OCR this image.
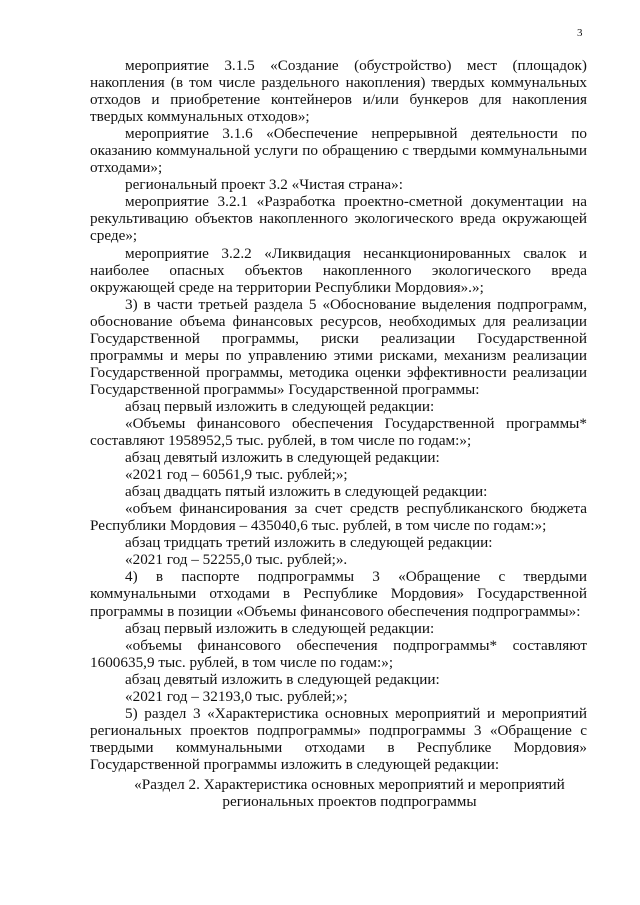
3

мероприятие 3.1.5 «Создание (обустройство) мест (площадок) накопления (в том числе раздельного накопления) твердых коммунальных отходов и приобретение контейнеров и/или бункеров для накопления твердых коммунальных отходов»;

мероприятие 3.1.6 «Обеспечение непрерывной деятельности по оказанию коммунальной услуги по обращению с твердыми коммунальными отходами»;

региональный проект 3.2 «Чистая страна»:

мероприятие 3.2.1 «Разработка проектно-сметной документации на рекультивацию объектов накопленного экологического вреда окружающей среде»;

мероприятие 3.2.2 «Ликвидация несанкционированных свалок и наиболее опасных объектов накопленного экологического вреда окружающей среде на территории Республики Мордовия».»;

3) в части третьей раздела 5 «Обоснование выделения подпрограмм, обоснование объема финансовых ресурсов, необходимых для реализации Государственной программы, риски реализации Государственной программы и меры по управлению этими рисками, механизм реализации Государственной программы, методика оценки эффективности реализации Государственной программы» Государственной программы:

абзац первый изложить в следующей редакции:

«Объемы финансового обеспечения Государственной программы* составляют 1958952,5 тыс. рублей, в том числе по годам:»;

абзац девятый изложить в следующей редакции:

«2021 год – 60561,9 тыс. рублей;»;

абзац двадцать пятый изложить в следующей редакции:

«объем финансирования за счет средств республиканского бюджета Республики Мордовия – 435040,6 тыс. рублей, в том числе по годам:»;

абзац тридцать третий изложить в следующей редакции:

«2021 год – 52255,0 тыс. рублей;».

4) в паспорте подпрограммы 3 «Обращение с твердыми коммунальными отходами в Республике Мордовия» Государственной программы в позиции «Объемы финансового обеспечения подпрограммы»:

абзац первый изложить в следующей редакции:

«объемы финансового обеспечения подпрограммы* составляют 1600635,9 тыс. рублей, в том числе по годам:»;

абзац девятый изложить в следующей редакции:

«2021 год – 32193,0 тыс. рублей;»;

5) раздел 3 «Характеристика основных мероприятий и мероприятий региональных проектов подпрограммы» подпрограммы 3 «Обращение с твердыми коммунальными отходами в Республике Мордовия» Государственной программы изложить в следующей редакции:

«Раздел 2. Характеристика основных мероприятий и мероприятий
региональных проектов подпрограммы
